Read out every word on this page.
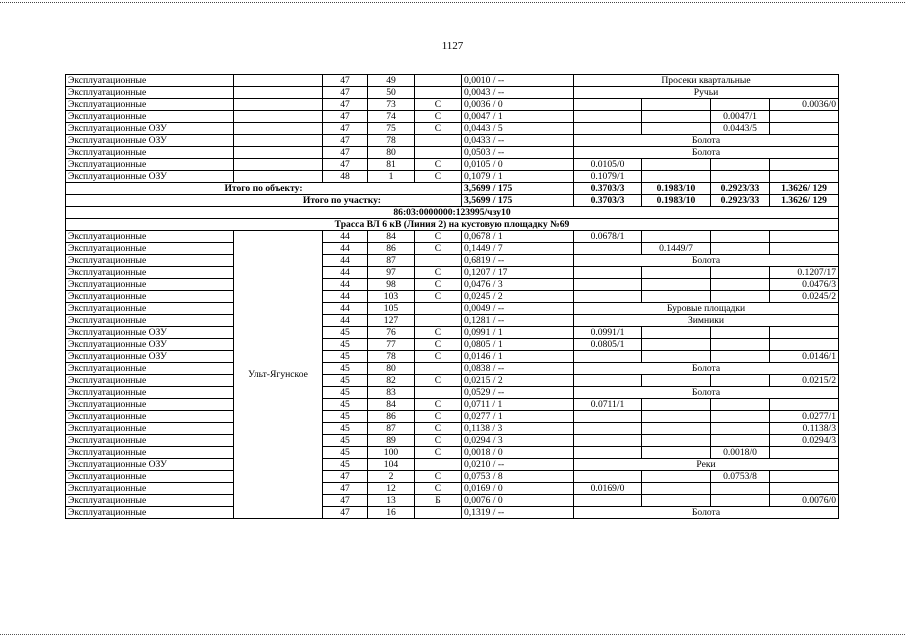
1127
Эксплуатационные		47	49		0,0010 / --	Просеки квартальные			
Эксплуатационные		47	50		0,0043 / --	Ручьи			
Эксплуатационные		47	73	С	0,0036 / 0				0.0036/0
Эксплуатационные		47	74	С	0,0047 / 1			0.0047/1	
Эксплуатационные ОЗУ		47	75	С	0,0443 / 5			0.0443/5	
Эксплуатационные ОЗУ		47	78		0,0433 / --	Болота			
Эксплуатационные		47	80		0,0503 / --	Болота			
Эксплуатационные		47	81	С	0,0105 / 0	0.0105/0			
Эксплуатационные ОЗУ		48	1	С	0,1079 / 1	0.1079/1			
Итого по объекту:					3,5699 / 175	0.3703/3	0.1983/10	0.2923/33	1.3626/ 129
Итого по участку:					3,5699 / 175	0.3703/3	0.1983/10	0.2923/33	1.3626/ 129
86:03:0000000:123995/чзу10									
Трасса ВЛ 6 кВ (Линия 2) на кустовую площадку №69									
Эксплуатационные	Ульт-Ягунское	44	84	С	0,0678 / 1	0.0678/1			
Эксплуатационные		44	86	С	0,1449 / 7		0.1449/7		
Эксплуатационные		44	87		0,6819 / --	Болота			
Эксплуатационные		44	97	С	0,1207 / 17				0.1207/17
Эксплуатационные		44	98	С	0,0476 / 3				0.0476/3
Эксплуатационные		44	103	С	0,0245 / 2				0.0245/2
Эксплуатационные		44	105		0,0049 / --	Буровые площадки			
Эксплуатационные		44	127		0,1281 / --	Зимники			
Эксплуатационные ОЗУ		45	76	С	0,0991 / 1	0.0991/1			
Эксплуатационные ОЗУ		45	77	С	0,0805 / 1	0.0805/1			
Эксплуатационные ОЗУ		45	78	С	0,0146 / 1				0.0146/1
Эксплуатационные		45	80		0,0838 / --	Болота			
Эксплуатационные		45	82	С	0,0215 / 2				0.0215/2
Эксплуатационные		45	83		0,0529 / --	Болота			
Эксплуатационные		45	84	С	0,0711 / 1	0.0711/1			
Эксплуатационные		45	86	С	0,0277 / 1				0.0277/1
Эксплуатационные		45	87	С	0,1138 / 3				0.1138/3
Эксплуатационные		45	89	С	0,0294 / 3				0.0294/3
Эксплуатационные		45	100	С	0,0018 / 0			0.0018/0	
Эксплуатационные ОЗУ		45	104		0,0210 / --	Реки			
Эксплуатационные		47	2	С	0,0753 / 8			0.0753/8	
Эксплуатационные		47	12	С	0,0169 / 0	0.0169/0			
Эксплуатационные		47	13	Б	0,0076 / 0				0.0076/0
Эксплуатационные		47	16		0,1319 / --	Болота			
